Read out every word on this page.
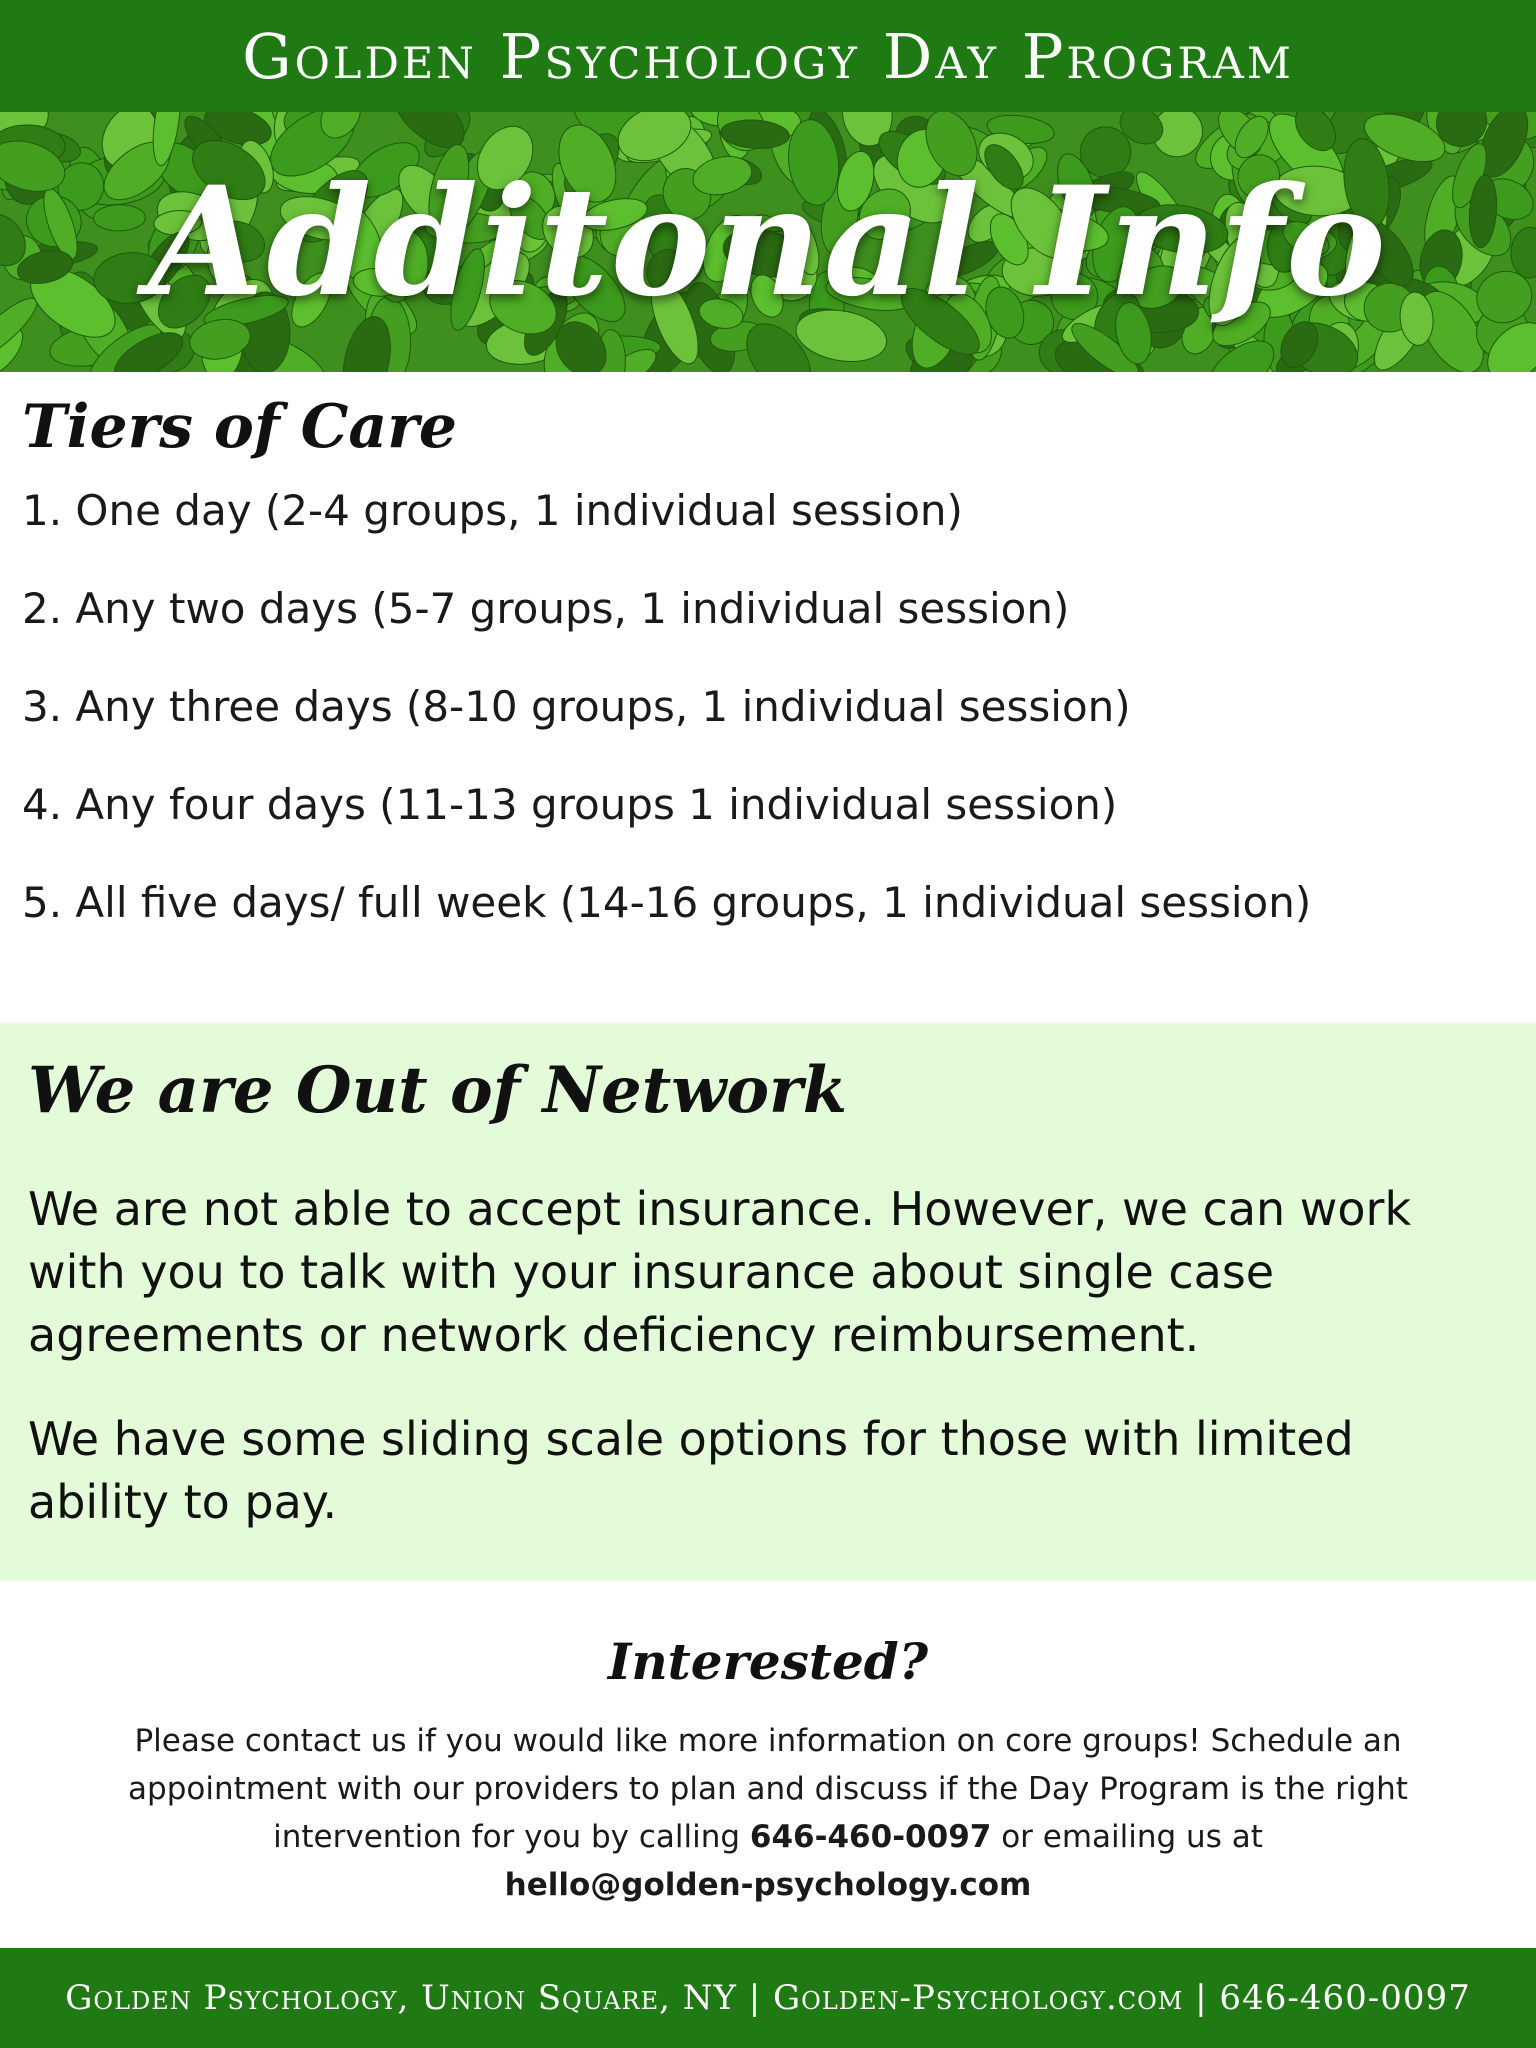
Golden Psychology Day Program
Additonal Info
Tiers of Care
1. One day (2-4 groups, 1 individual session)
2. Any two days (5-7 groups, 1 individual session)
3. Any three days (8-10 groups, 1 individual session)
4. Any four days (11-13 groups 1 individual session)
5. All five days/ full week (14-16 groups, 1 individual session)
We are Out of Network

We are not able to accept insurance. However, we can work with you to talk with your insurance about single case agreements or network deficiency reimbursement.

We have some sliding scale options for those with limited ability to pay.

Interested?

Please contact us if you would like more information on core groups! Schedule an appointment with our providers to plan and discuss if the Day Program is the right intervention for you by calling 646-460-0097 or emailing us at
hello@golden-psychology.com

Golden Psychology, Union Square, NY | Golden-Psychology.com | 646-460-0097
